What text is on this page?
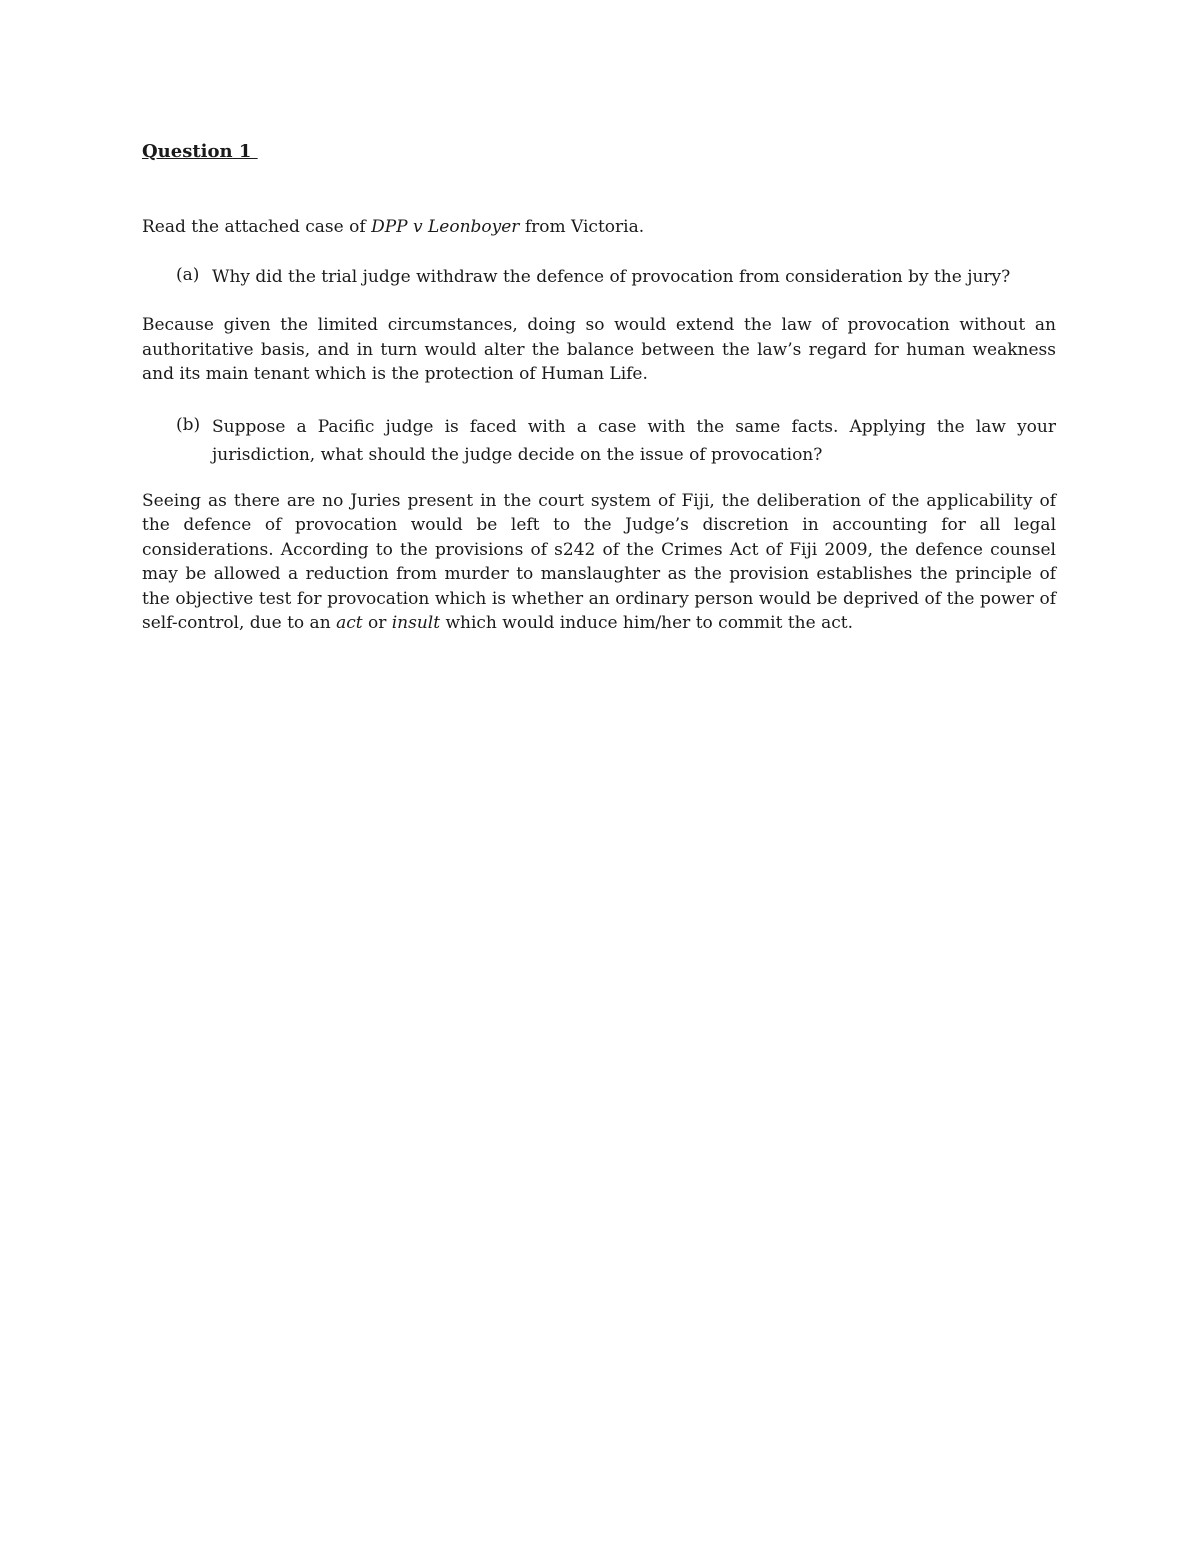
Question 1

Read the attached case of DPP v Leonboyer from Victoria.

(a) Why did the trial judge withdraw the defence of provocation from consideration by the jury?

Because given the limited circumstances, doing so would extend the law of provocation without an authoritative basis, and in turn would alter the balance between the law’s regard for human weakness and its main tenant which is the protection of Human Life.

(b) Suppose a Pacific judge is faced with a case with the same facts. Applying the law your jurisdiction, what should the judge decide on the issue of provocation?

Seeing as there are no Juries present in the court system of Fiji, the deliberation of the applicability of the defence of provocation would be left to the Judge’s discretion in accounting for all legal considerations. According to the provisions of s242 of the Crimes Act of Fiji 2009, the defence counsel may be allowed a reduction from murder to manslaughter as the provision establishes the principle of the objective test for provocation which is whether an ordinary person would be deprived of the power of self-control, due to an act or insult which would induce him/her to commit the act.
